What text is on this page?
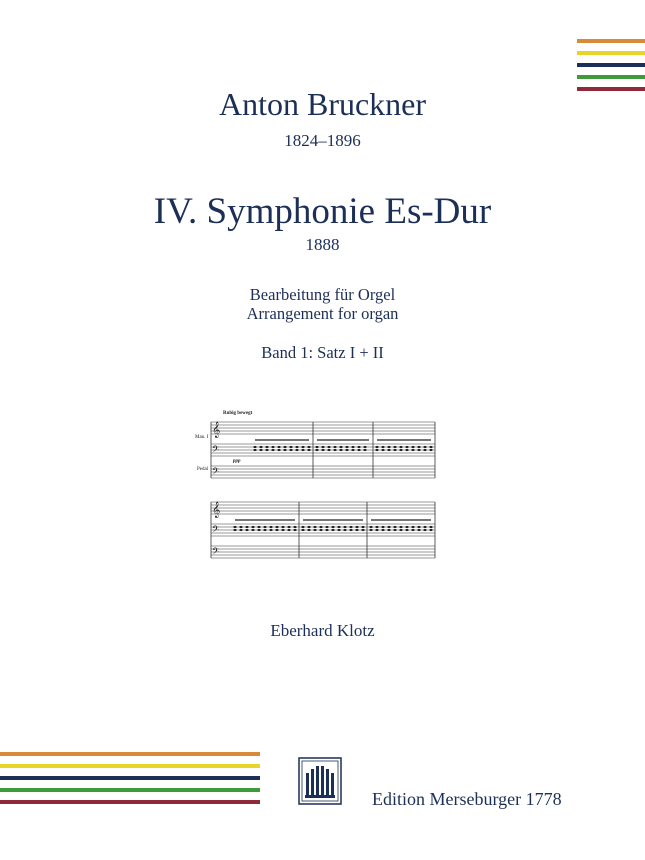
Anton Bruckner
1824–1896
IV. Symphonie Es-Dur
1888
Bearbeitung für Orgel
Arrangement for organ
Band 1: Satz I + II
𝄞
𝄢
𝄢
𝄞
𝄢
𝄢
Rubig bewegt
Man. I
Pedal
ppp
Eberhard Klotz
Edition Merseburger 1778
